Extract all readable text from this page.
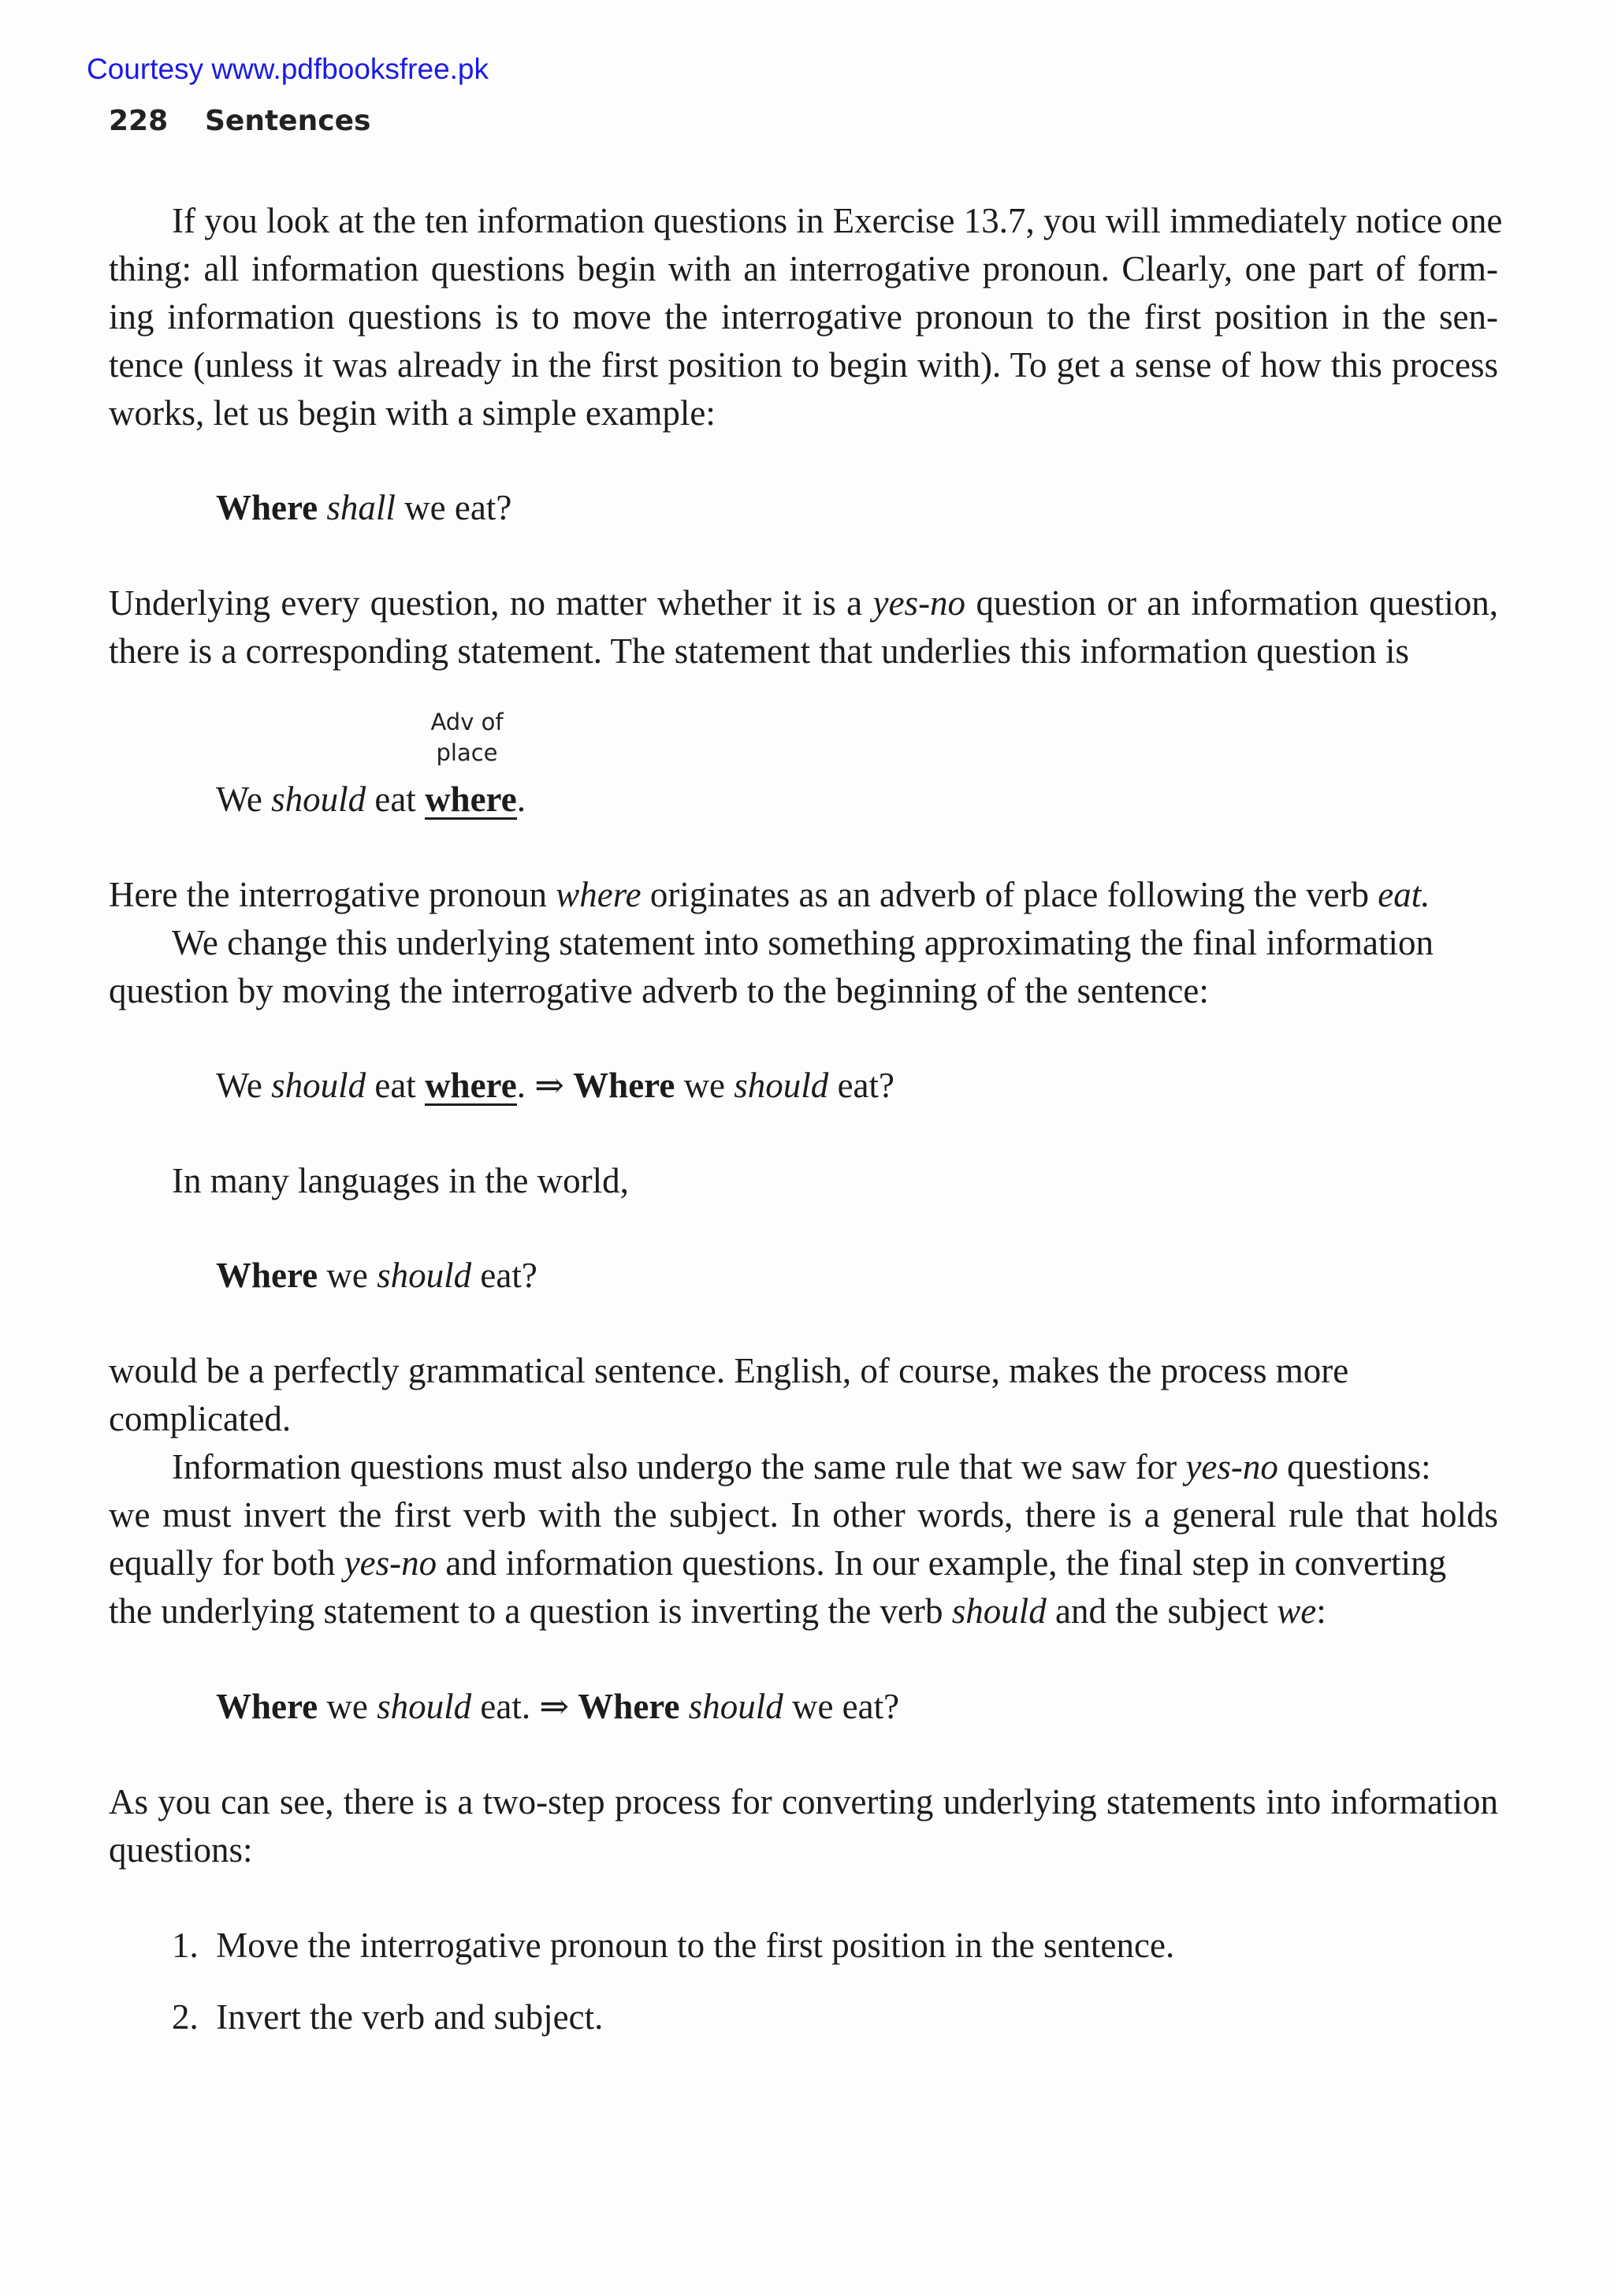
Courtesy www.pdfbooksfree.pk
228 Sentences
If you look at the ten information questions in Exercise 13.7, you will immediately notice one
thing: all information questions begin with an interrogative pronoun. Clearly, one part of form-
ing information questions is to move the interrogative pronoun to the first position in the sen-
tence (unless it was already in the first position to begin with). To get a sense of how this process
works, let us begin with a simple example:
Where shall we eat?
Underlying every question, no matter whether it is a yes-no question or an information question,
there is a corresponding statement. The statement that underlies this information question is
Adv of
place
We should eat where.
Here the interrogative pronoun where originates as an adverb of place following the verb eat.
We change this underlying statement into something approximating the final information
question by moving the interrogative adverb to the beginning of the sentence:
We should eat where. ⇒ Where we should eat?
In many languages in the world,
Where we should eat?
would be a perfectly grammatical sentence. English, of course, makes the process more
complicated.
Information questions must also undergo the same rule that we saw for yes-no questions:
we must invert the first verb with the subject. In other words, there is a general rule that holds
equally for both yes-no and information questions. In our example, the final step in converting
the underlying statement to a question is inverting the verb should and the subject we:
Where we should eat. ⇒ Where should we eat?
As you can see, there is a two-step process for converting underlying statements into information
questions:
1. Move the interrogative pronoun to the first position in the sentence.
2. Invert the verb and subject.
